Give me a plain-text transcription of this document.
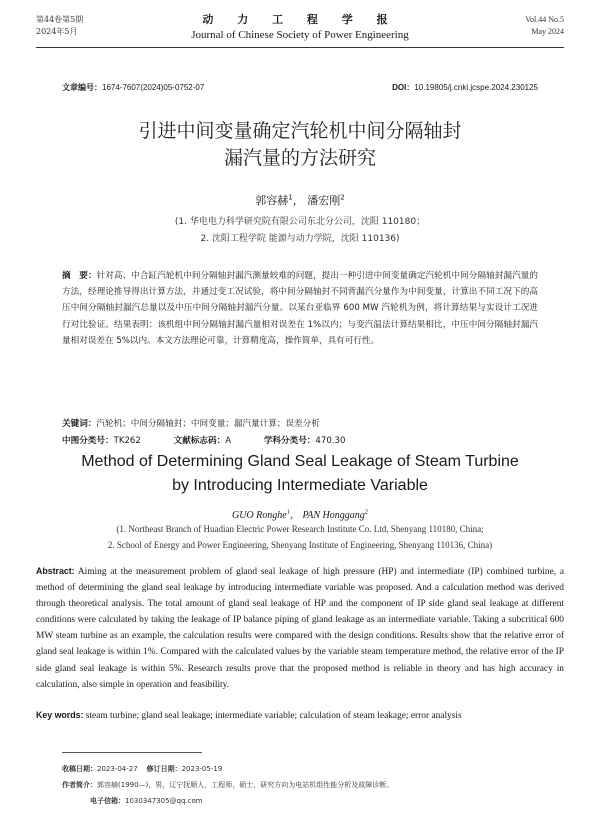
第44卷第5期
2024年5月
动 力 工 程 学 报
Journal of Chinese Society of Power Engineering
Vol.44 No.5
May 2024
文章编号：1674-7607(2024)05-0752-07	DOI：10.19805/j.cnki.jcspe.2024.230125
引进中间变量确定汽轮机中间分隔轴封
漏汽量的方法研究
郭容赫$^1$， 潘宏刚$^2$
(1. 华电电力科学研究院有限公司东北分公司，沈阳 110180；
2. 沈阳工程学院 能源与动力学院，沈阳 110136)
摘　要：针对高、中合缸汽轮机中间分隔轴封漏汽测量较难的问题，提出一种引进中间变量确定汽轮机中间分隔轴封漏汽量的方法，经理论推导得出计算方法，并通过变工况试验，将中间分隔轴封不同背漏汽分量作为中间变量，计算出不同工况下的高压中间分隔轴封漏汽总量以及中压中间分隔轴封漏汽分量。以某台亚临界 600 MW 汽轮机为例，将计算结果与实设计工况进行对比验证。结果表明：该机组中间分隔轴封漏汽量相对误差在 1%以内；与变汽温法计算结果相比，中压中间分隔轴封漏汽量相对误差在 5%以内。本文方法理论可靠，计算精度高，操作简单，具有可行性。
关键词：汽轮机；中间分隔轴封；中间变量；漏汽量计算；误差分析
中图分类号：TK262	文献标志码：A	学科分类号：470.30
Method of Determining Gland Seal Leakage of Steam Turbine
by Introducing Intermediate Variable
GUO Ronghe$^1$， PAN Honggang$^2$
(1. Northeast Branch of Huadian Electric Power Research Institute Co. Ltd, Shenyang 110180, China;
2. School of Energy and Power Engineering, Shenyang Institute of Engineering, Shenyang 110136, China)
Abstract: Aiming at the measurement problem of gland seal leakage of high pressure (HP) and intermediate (IP) combined turbine, a method of determining the gland seal leakage by introducing intermediate variable was proposed. And a calculation method was derived through theoretical analysis. The total amount of gland seal leakage of HP and the component of IP side gland seal leakage at different conditions were calculated by taking the leakage of IP balance piping of gland leakage as an intermediate variable. Taking a subcritical 600 MW steam turbine as an example, the calculation results were compared with the design conditions. Results show that the relative error of gland seal leakage is within 1%. Compared with the calculated values by the variable steam temperature method, the relative error of the IP side gland seal leakage is within 5%. Research results prove that the proposed method is reliable in theory and has high accuracy in calculation, also simple in operation and feasibility.
Key words: steam turbine; gland seal leakage; intermediate variable; calculation of steam leakage; error analysis
收稿日期：2023-04-27 修订日期：2023-05-19
作者简介：郭容赫(1990—)，男，辽宁抚顺人，工程师，硕士，研究方向为电站机组性能分析及故障诊断。
电子信箱：1030347305@qq.com
